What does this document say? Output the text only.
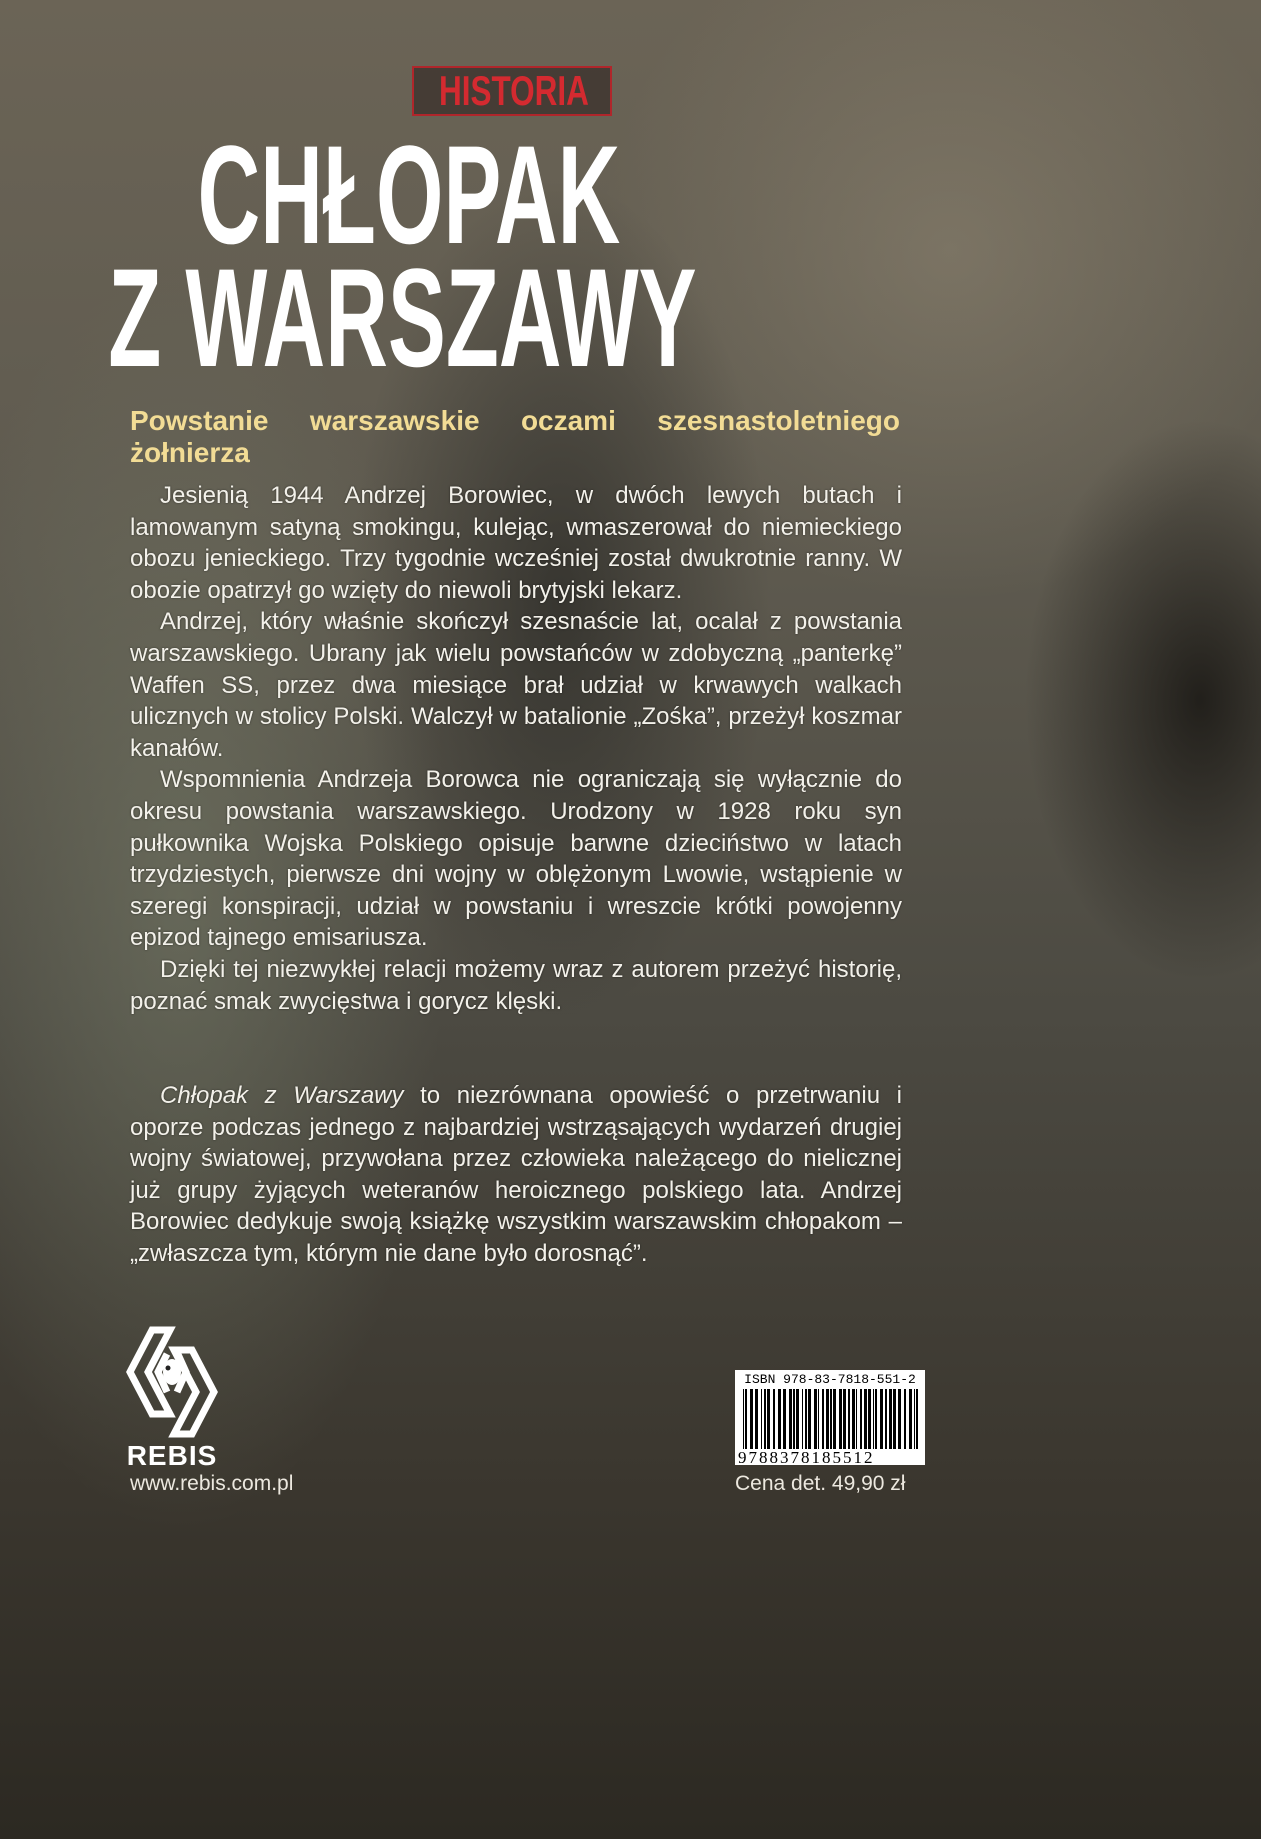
HISTORIA
CHŁOPAK
Z WARSZAWY
Powstanie warszawskie oczami szesnastoletniego żołnierza

Jesienią 1944 Andrzej Borowiec, w dwóch lewych butach i lamowanym satyną smokingu, kulejąc, wmaszerował do niemieckiego obozu jenieckiego. Trzy tygodnie wcześniej został dwukrotnie ranny. W obozie opatrzył go wzięty do niewoli brytyjski lekarz.

Andrzej, który właśnie skończył szesnaście lat, ocalał z powstania warszawskiego. Ubrany jak wielu powstańców w zdobyczną „panterkę” Waffen SS, przez dwa miesiące brał udział w krwawych walkach ulicznych w stolicy Polski. Walczył w batalionie „Zośka”, przeżył koszmar kanałów.

Wspomnienia Andrzeja Borowca nie ograniczają się wyłącznie do okresu powstania warszawskiego. Urodzony w 1928 roku syn pułkownika Wojska Polskiego opisuje barwne dzieciństwo w latach trzydziestych, pierwsze dni wojny w oblężonym Lwowie, wstąpienie w szeregi konspiracji, udział w powstaniu i wreszcie krótki powojenny epizod tajnego emisariusza.

Dzięki tej niezwykłej relacji możemy wraz z autorem przeżyć historię, poznać smak zwycięstwa i gorycz klęski.

Chłopak z Warszawy to niezrównana opowieść o przetrwaniu i oporze podczas jednego z najbardziej wstrząsających wydarzeń drugiej wojny światowej, przywołana przez człowieka należącego do nielicznej już grupy żyjących weteranów heroicznego polskiego lata. Andrzej Borowiec dedykuje swoją książkę wszystkim warszawskim chłopakom – „zwłaszcza tym, którym nie dane było dorosnąć”.

REBIS
www.rebis.com.pl
ISBN 978-83-7818-551-2
9788378185512
Cena det. 49,90 zł
